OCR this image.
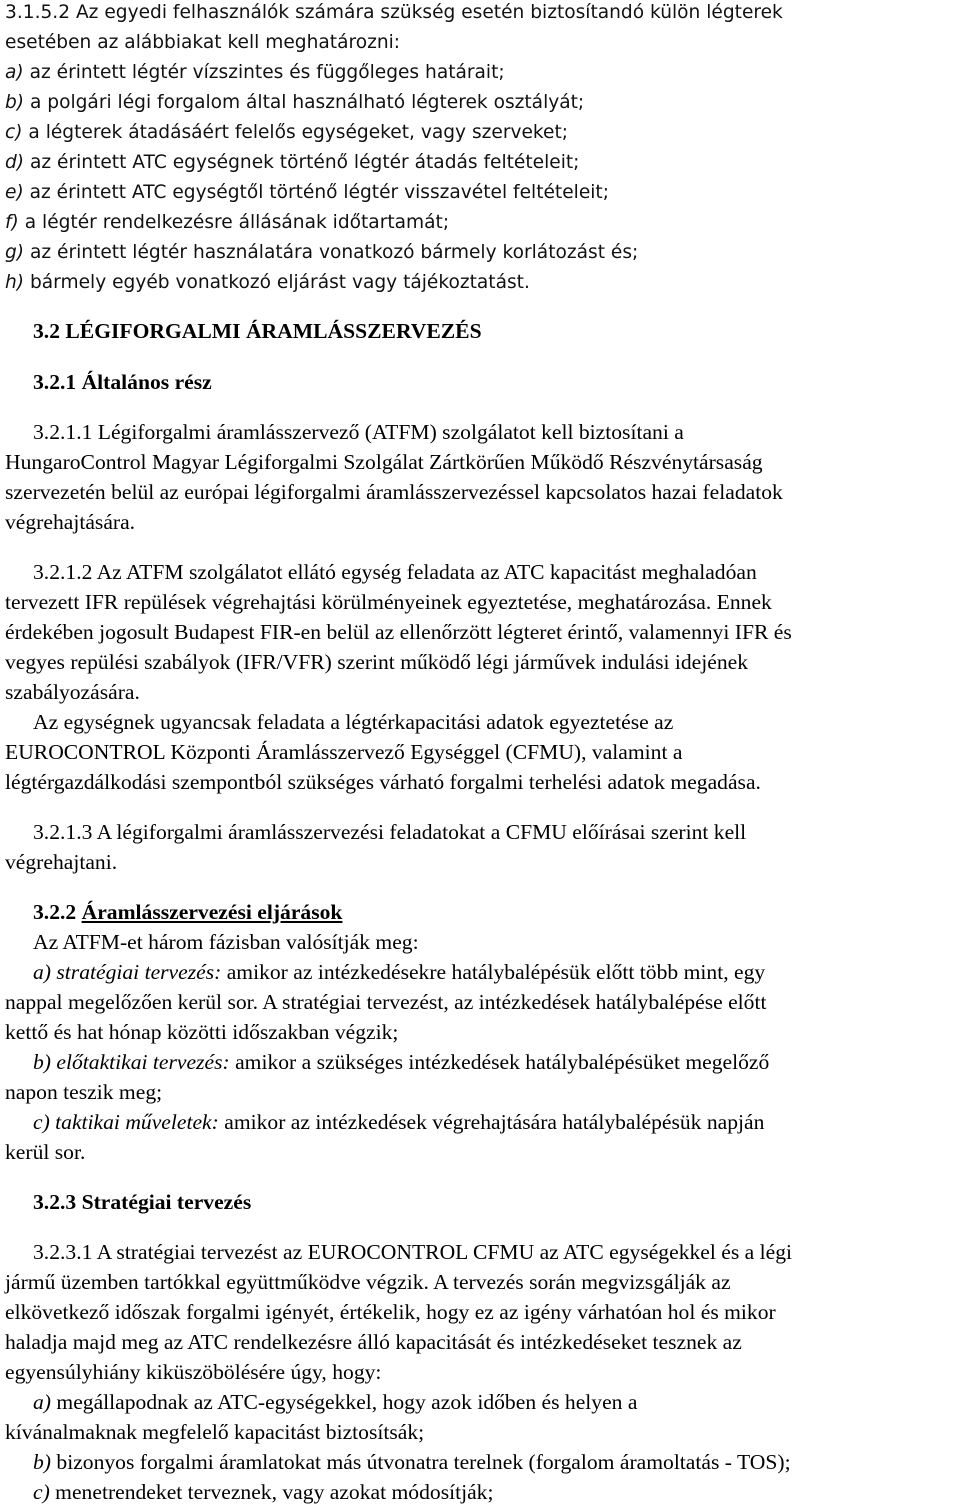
3.1.5.2 Az egyedi felhasználók számára szükség esetén biztosítandó külön légterek
esetében az alábbiakat kell meghatározni:
a) az érintett légtér vízszintes és függőleges határait;
b) a polgári légi forgalom által használható légterek osztályát;
c) a légterek átadásáért felelős egységeket, vagy szerveket;
d) az érintett ATC egységnek történő légtér átadás feltételeit;
e) az érintett ATC egységtől történő légtér visszavétel feltételeit;
f) a légtér rendelkezésre állásának időtartamát;
g) az érintett légtér használatára vonatkozó bármely korlátozást és;
h) bármely egyéb vonatkozó eljárást vagy tájékoztatást.
3.2 LÉGIFORGALMI ÁRAMLÁSSZERVEZÉS
3.2.1 Általános rész
3.2.1.1 Légiforgalmi áramlásszervező (ATFM) szolgálatot kell biztosítani a
HungaroControl Magyar Légiforgalmi Szolgálat Zártkörűen Működő Részvénytársaság
szervezetén belül az európai légiforgalmi áramlásszervezéssel kapcsolatos hazai feladatok
végrehajtására.
3.2.1.2 Az ATFM szolgálatot ellátó egység feladata az ATC kapacitást meghaladóan
tervezett IFR repülések végrehajtási körülményeinek egyeztetése, meghatározása. Ennek
érdekében jogosult Budapest FIR-en belül az ellenőrzött légteret érintő, valamennyi IFR és
vegyes repülési szabályok (IFR/VFR) szerint működő légi járművek indulási idejének
szabályozására.
Az egységnek ugyancsak feladata a légtérkapacitási adatok egyeztetése az
EUROCONTROL Központi Áramlásszervező Egységgel (CFMU), valamint a
légtérgazdálkodási szempontból szükséges várható forgalmi terhelési adatok megadása.
3.2.1.3 A légiforgalmi áramlásszervezési feladatokat a CFMU előírásai szerint kell
végrehajtani.
3.2.2 Áramlásszervezési eljárások
Az ATFM-et három fázisban valósítják meg:
a) stratégiai tervezés: amikor az intézkedésekre hatálybalépésük előtt több mint, egy
nappal megelőzően kerül sor. A stratégiai tervezést, az intézkedések hatálybalépése előtt
kettő és hat hónap közötti időszakban végzik;
b) előtaktikai tervezés: amikor a szükséges intézkedések hatálybalépésüket megelőző
napon teszik meg;
c) taktikai műveletek: amikor az intézkedések végrehajtására hatálybalépésük napján
kerül sor.
3.2.3 Stratégiai tervezés
3.2.3.1 A stratégiai tervezést az EUROCONTROL CFMU az ATC egységekkel és a légi
jármű üzemben tartókkal együttműködve végzik. A tervezés során megvizsgálják az
elkövetkező időszak forgalmi igényét, értékelik, hogy ez az igény várhatóan hol és mikor
haladja majd meg az ATC rendelkezésre álló kapacitását és intézkedéseket tesznek az
egyensúlyhiány kiküszöbölésére úgy, hogy:
a) megállapodnak az ATC-egységekkel, hogy azok időben és helyen a
kívánalmaknak megfelelő kapacitást biztosítsák;
b) bizonyos forgalmi áramlatokat más útvonatra terelnek (forgalom áramoltatás - TOS);
c) menetrendeket terveznek, vagy azokat módosítják;
